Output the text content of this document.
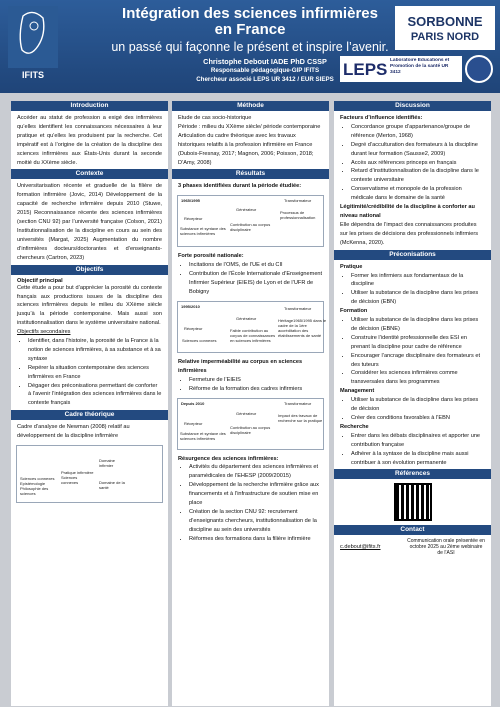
IFITS
Intégration des sciences infirmières
en France
un passé qui façonne le présent et inspire l’avenir.
Christophe Debout IADE PhD CSSP
Responsable pédagogique-GIP IFITS
Chercheur associé LEPS UR 3412 / EUR SIEPS
SORBONNE
PARIS NORD
LEPS Laboratoire Educations et Promotion de la santé UR 3412
Introduction
Accéder au statut de profession a exigé des infirmières qu’elles identifient les connaissances nécessaires à leur pratique et qu’elles les produisent par la recherche. Cet impératif est à l’origine de la création de la discipline des sciences infirmières aux États-Unis durant la seconde moitié du XXème siècle.
Contexte
Universitarisation récente et graduelle de la filière de formation infirmière (Jovic, 2014) Développement de la capacité de recherche infirmière depuis 2010 (Stuwe, 2015) Reconnaissance récente des sciences infirmières (section CNU 92) par l’université française (Colson, 2021) Institutionnalisation de la discipline en cours au sein des universités (Margat, 2025) Augmentation du nombre d’infirmières docteurs/doctorantes et d’enseignants-chercheurs (Cartron, 2023)
Objectifs
Objectif principal
Cette étude a pour but d’apprécier la porosité du contexte français aux productions issues de la discipline des sciences infirmières depuis le milieu du XXème siècle jusqu’à la période contemporaine. Mais aussi son institutionnalisation dans le système universitaire national.
Objectifs secondaires
• Identifier, dans l’histoire, la porosité de la France à la notion de sciences infirmières, à sa substance et à sa syntaxe
• Repérer la situation contemporaine des sciences infirmières en France
• Dégager des préconisations permettant de conforter à l’avenir l’intégration des sciences infirmières dans le contexte français
Cadre théorique
Cadre d’analyse de Newman (2008) relatif au développement de la discipline infirmière
Sciences connexes Epistémologie Philosophie des sciences
Pratique infirmière Sciences connexes
Domaine infirmier
Domaine de la santé
Méthode
Etude de cas socio-historique
Période : milieu du XXème siècle/ période contemporaine
Articulation du cadre théorique avec les travaux historiques relatifs à la profession infirmière en France (Dubois-Fresnay, 2017; Magnon, 2006; Poisson, 2018; D’Amy, 2008)
Résultats
3 phases identifiées durant la période étudiée:
1965/1995
Récepteur
Générateur
Transformateur
Substance et syntaxe des sciences infirmières
Contribution au corpus disciplinaire
Processus de professionnalisation
Forte porosité nationale:
• Incitations de l’OMS, de l’UE et du CII
• Contribution de l’École Internationale d’Enseignement Infirmier Supérieur (EIEIS) de Lyon et de l’UFR de Bobigny
1995/2010
Récepteur
Générateur
Transformateur
Sciences connexes
Faible contribution au corpus de connaissances en sciences infirmières
Héritage1965/1995 dans le cadre de la 1ère accréditation des établissements de santé
Relative imperméabilité au corpus en sciences infirmières
• Fermeture de l’EIEIS
• Réforme de la formation des cadres infirmiers
Depuis 2010
Récepteur
Générateur
Transformateur
Substance et syntaxe des sciences infirmières
Contribution au corpus disciplinaire
Impact des travaux de recherche sur la pratique
Résurgence des sciences infirmières:
• Activités du département des sciences infirmières et paramédicales de l’EHESP (2009/20015)
• Développement de la recherche infirmière grâce aux financements et à l’infrastructure de soutien mise en place
• Création de la section CNU 92: recrutement d’enseignants chercheurs, institutionnalisation de la discipline au sein des universités
• Réformes des formations dans la filière infirmière
Discussion
Facteurs d’influence identifiés:
• Concordance groupe d’appartenance/groupe de référence (Merton, 1968)
• Degré d’acculturation des formateurs à la discipline durant leur formation (Sausse2, 2009)
• Accès aux références princeps en français
• Retard d’institutionnalisation de la discipline dans le contexte universitaire
• Conservatisme et monopole de la profession médicale dans le domaine de la santé
Légitimité/crédibilité de la discipline à conforter au niveau national
Elle dépendra de l’impact des connaissances produites sur les prises de décisions des professionnels infirmiers (McKenna, 2020).
Préconisations
Pratique
• Former les infirmiers aux fondamentaux de la discipline
• Utiliser la substance de la discipline dans les prises de décision (EBN)
Formation
• Utiliser la substance de la discipline dans les prises de décision (EBNE)
• Construire l’identité professionnelle des ESI en prenant la discipline pour cadre de référence
• Encourager l’ancrage disciplinaire des formateurs et des tuteurs
• Considérer les sciences infirmières comme transversales dans les programmes
Management
• Utiliser la substance de la discipline dans les prises de décision
• Créer des conditions favorables à l’EBN
Recherche
• Entrer dans les débats disciplinaires et apporter une contribution française
• Adhérer à la syntaxe de la discipline mais aussi contribuer à son évolution permanente
Références
Contact
c.debout@ifits.fr
Communication orale présentée en octobre 2025 au 2ème webinaire de l’ASI
